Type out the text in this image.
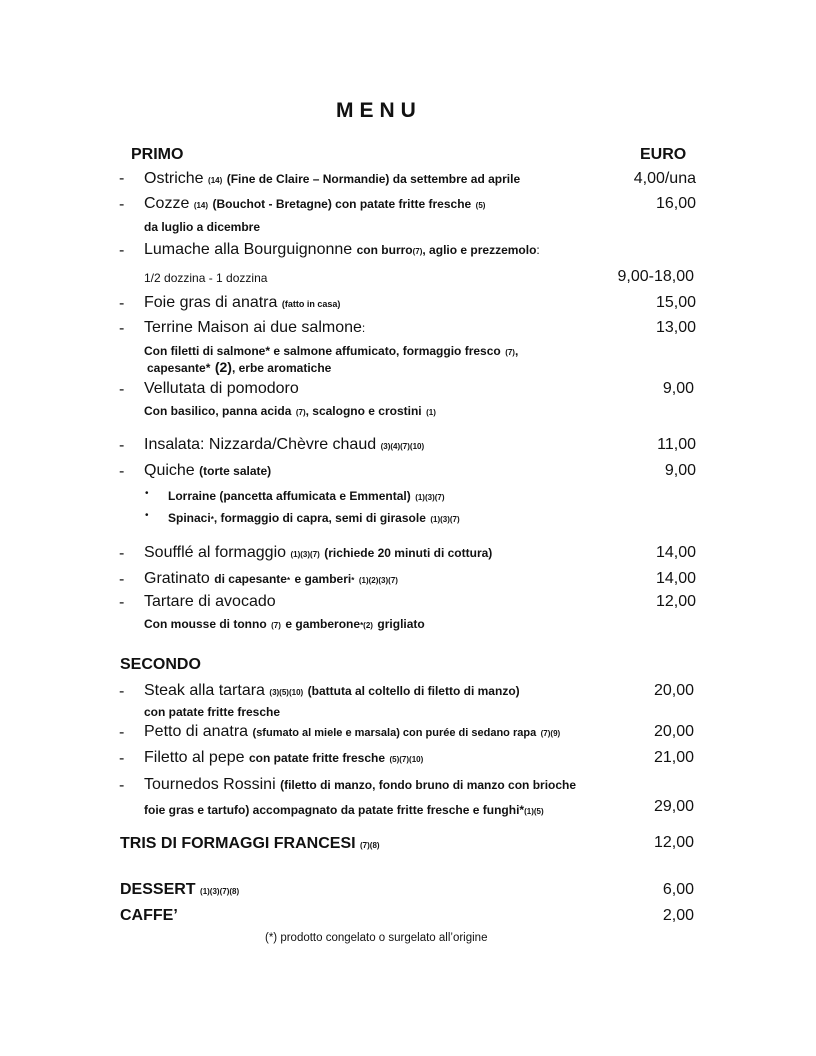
MENU
PRIMO	EURO
- Ostriche (14) (Fine de Claire – Normandie) da settembre ad aprile	4,00/una
- Cozze (14) (Bouchot - Bretagne) con patate fritte fresche (5)	16,00
da luglio a dicembre
- Lumache alla Bourguignonne con burro(7), aglio e prezzemolo:
1/2 dozzina - 1 dozzina	9,00-18,00
- Foie gras di anatra (fatto in casa)	15,00
- Terrine Maison ai due salmone:	13,00
Con filetti di salmone* e salmone affumicato, formaggio fresco (7),
capesante* (2), erbe aromatiche
- Vellutata di pomodoro	9,00
Con basilico, panna acida (7), scalogno e crostini (1)
- Insalata: Nizzarda/Chèvre chaud (3)(4)(7)(10)	11,00
- Quiche (torte salate)	9,00
• Lorraine (pancetta affumicata e Emmental) (1)(3)(7)
• Spinaci*, formaggio di capra, semi di girasole (1)(3)(7)
- Soufflé al formaggio (1)(3)(7) (richiede 20 minuti di cottura)	14,00
- Gratinato di capesante* e gamberi* (1)(2)(3)(7)	14,00
- Tartare di avocado	12,00
Con mousse di tonno (7) e gamberone*(2) grigliato
SECONDO
- Steak alla tartara (3)(5)(10) (battuta al coltello di filetto di manzo)	20,00
con patate fritte fresche
- Petto di anatra (sfumato al miele e marsala) con purée di sedano rapa (7)(9)	20,00
- Filetto al pepe con patate fritte fresche (5)(7)(10)	21,00
- Tournedos Rossini (filetto di manzo, fondo bruno di manzo con brioche
foie gras e tartufo) accompagnato da patate fritte fresche e funghi*(1)(5)	29,00
TRIS DI FORMAGGI FRANCESI (7)(8)	12,00
DESSERT (1)(3)(7)(8)	6,00
CAFFE’	2,00
(*) prodotto congelato o surgelato all’origine
